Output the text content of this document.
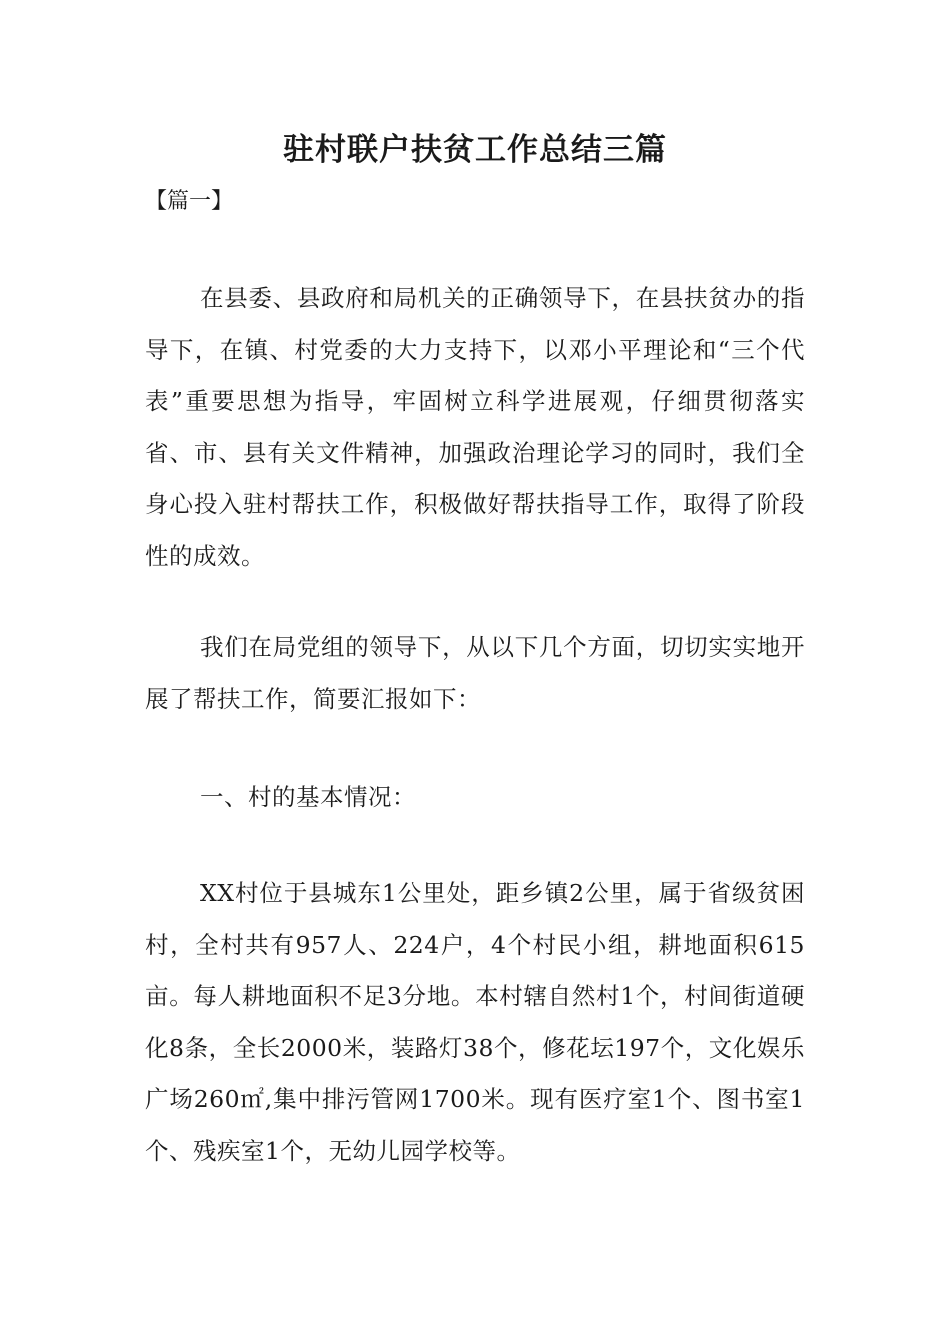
驻村联户扶贫工作总结三篇

【篇一】

在县委、县政府和局机关的正确领导下，在县扶贫办的指导下，在镇、村党委的大力支持下，以邓小平理论和“三个代表”重要思想为指导，牢固树立科学进展观，仔细贯彻落实省、市、县有关文件精神，加强政治理论学习的同时，我们全身心投入驻村帮扶工作，积极做好帮扶指导工作，取得了阶段性的成效。

我们在局党组的领导下，从以下几个方面，切切实实地开展了帮扶工作，简要汇报如下：

一、村的基本情况：

XX村位于县城东1公里处，距乡镇2公里，属于省级贫困村，全村共有957人、224户，4个村民小组，耕地面积615亩。每人耕地面积不足3分地。本村辖自然村1个，村间街道硬化8条，全长2000米，装路灯38个，修花坛197个，文化娱乐广场260㎡,集中排污管网1700米。现有医疗室1个、图书室1个、残疾室1个，无幼儿园学校等。
